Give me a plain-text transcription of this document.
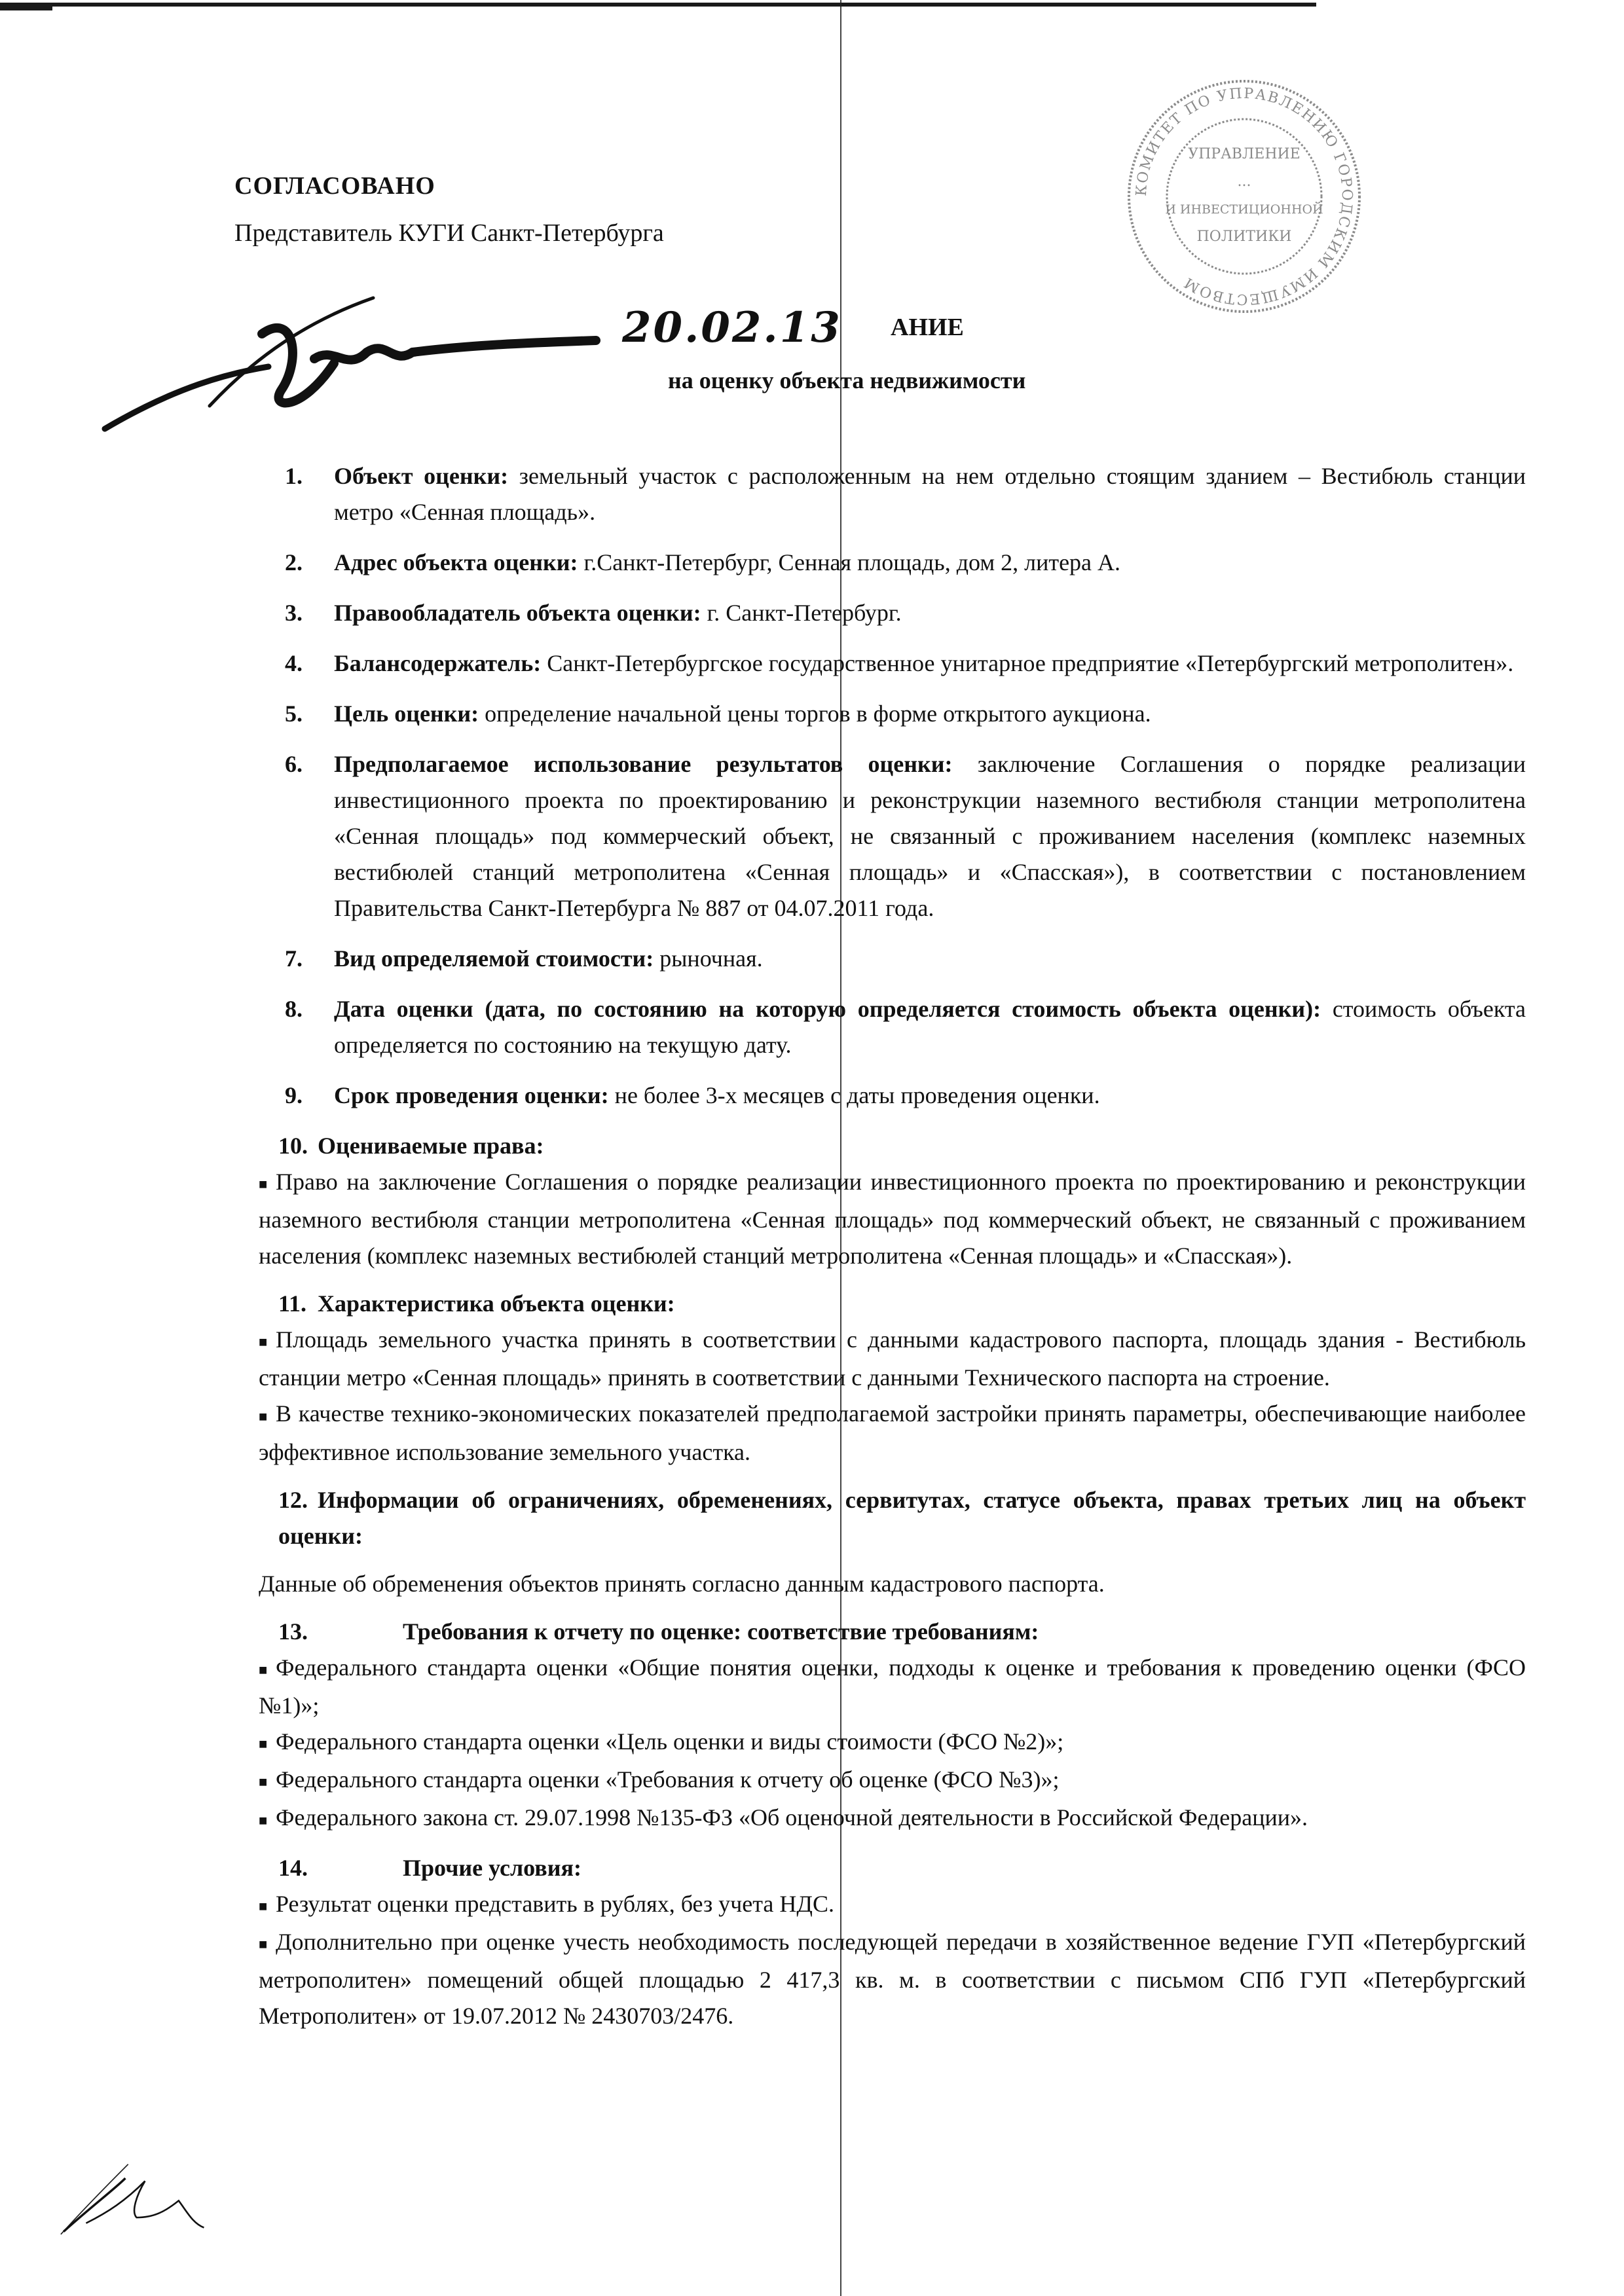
СОГЛАСОВАНО
Представитель КУГИ Санкт-Петербурга
КОМИТЕТ ПО УПРАВЛЕНИЮ ГОРОДСКИМ ИМУЩЕСТВОМ
УПРАВЛЕНИЕ
...
И ИНВЕСТИЦИОННОЙ
ПОЛИТИКИ
20.02.13 АНИЕ
на оценку объекта недвижимости
1. Объект оценки: земельный участок с расположенным на нем отдельно стоящим зданием – Вестибюль станции метро «Сенная площадь».
2. Адрес объекта оценки: г.Санкт-Петербург, Сенная площадь, дом 2, литера А.
3. Правообладатель объекта оценки: г. Санкт-Петербург.
4. Балансодержатель: Санкт-Петербургское государственное унитарное предприятие «Петербургский метрополитен».
5. Цель оценки: определение начальной цены торгов в форме открытого аукциона.
6. Предполагаемое использование результатов оценки: заключение Соглашения о порядке реализации инвестиционного проекта по проектированию и реконструкции наземного вестибюля станции метрополитена «Сенная площадь» под коммерческий объект, не связанный с проживанием населения (комплекс наземных вестибюлей станций метрополитена «Сенная площадь» и «Спасская»), в соответствии с постановлением Правительства Санкт-Петербурга № 887 от 04.07.2011 года.
7. Вид определяемой стоимости: рыночная.
8. Дата оценки (дата, по состоянию на которую определяется стоимость объекта оценки): стоимость объекта определяется по состоянию на текущую дату.
9. Срок проведения оценки: не более 3-х месяцев с даты проведения оценки.
10. Оцениваемые права:
■ Право на заключение Соглашения о порядке реализации инвестиционного проекта по проектированию и реконструкции наземного вестибюля станции метрополитена «Сенная площадь» под коммерческий объект, не связанный с проживанием населения (комплекс наземных вестибюлей станций метрополитена «Сенная площадь» и «Спасская»).
11. Характеристика объекта оценки:
■ Площадь земельного участка принять в соответствии с данными кадастрового паспорта, площадь здания - Вестибюль станции метро «Сенная площадь» принять в соответствии с данными Технического паспорта на строение.
■ В качестве технико-экономических показателей предполагаемой застройки принять параметры, обеспечивающие наиболее эффективное использование земельного участка.
12. Информации об ограничениях, обременениях, сервитутах, статусе объекта, правах третьих лиц на объект оценки:
Данные об обременения объектов принять согласно данным кадастрового паспорта.
13.	Требования к отчету по оценке: соответствие требованиям:
■ Федерального стандарта оценки «Общие понятия оценки, подходы к оценке и требования к проведению оценки (ФСО №1)»;
■ Федерального стандарта оценки «Цель оценки и виды стоимости (ФСО №2)»;
■ Федерального стандарта оценки «Требования к отчету об оценке (ФСО №3)»;
■ Федерального закона ст. 29.07.1998 №135-ФЗ «Об оценочной деятельности в Российской Федерации».
14.	Прочие условия:
■ Результат оценки представить в рублях, без учета НДС.
■ Дополнительно при оценке учесть необходимость последующей передачи в хозяйственное ведение ГУП «Петербургский метрополитен» помещений общей площадью 2 417,3 кв. м. в соответствии с письмом СПб ГУП «Петербургский Метрополитен» от 19.07.2012 № 2430703/2476.
